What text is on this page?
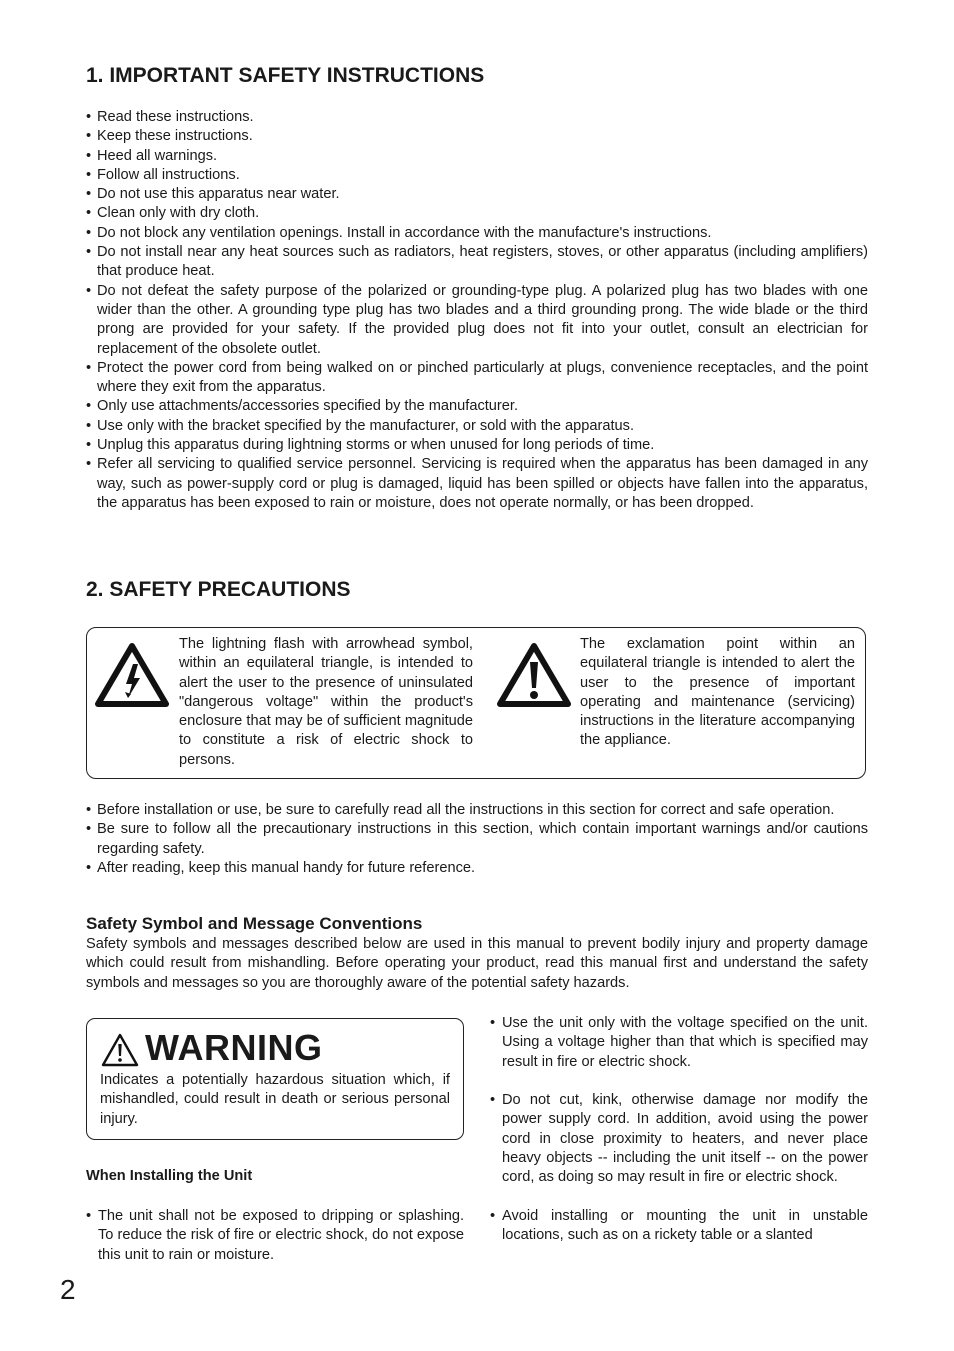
1. IMPORTANT SAFETY INSTRUCTIONS
• Read these instructions.
• Keep these instructions.
• Heed all warnings.
• Follow all instructions.
• Do not use this apparatus near water.
• Clean only with dry cloth.
• Do not block any ventilation openings. Install in accordance with the manufacture's instructions.
• Do not install near any heat sources such as radiators, heat registers, stoves, or other apparatus (including amplifiers) that produce heat.
• Do not defeat the safety purpose of the polarized or grounding-type plug. A polarized plug has two blades with one wider than the other. A grounding type plug has two blades and a third grounding prong. The wide blade or the third prong are provided for your safety. If the provided plug does not fit into your outlet, consult an electrician for replacement of the obsolete outlet.
• Protect the power cord from being walked on or pinched particularly at plugs, convenience receptacles, and the point where they exit from the apparatus.
• Only use attachments/accessories specified by the manufacturer.
• Use only with the bracket specified by the manufacturer, or sold with the apparatus.
• Unplug this apparatus during lightning storms or when unused for long periods of time.
• Refer all servicing to qualified service personnel. Servicing is required when the apparatus has been damaged in any way, such as power-supply cord or plug is damaged, liquid has been spilled or objects have fallen into the apparatus, the apparatus has been exposed to rain or moisture, does not operate normally, or has been dropped.
2. SAFETY PRECAUTIONS
The lightning flash with arrowhead symbol, within an equilateral triangle, is intended to alert the user to the presence of uninsulated "dangerous voltage" within the product's enclosure that may be of sufficient magnitude to constitute a risk of electric shock to persons.
The exclamation point within an equilateral triangle is intended to alert the user to the presence of important operating and maintenance (servicing) instructions in the literature accompanying the appliance.
• Before installation or use, be sure to carefully read all the instructions in this section for correct and safe operation.
• Be sure to follow all the precautionary instructions in this section, which contain important warnings and/or cautions regarding safety.
• After reading, keep this manual handy for future reference.
Safety Symbol and Message Conventions

Safety symbols and messages described below are used in this manual to prevent bodily injury and property damage which could result from mishandling. Before operating your product, read this manual first and understand the safety symbols and messages so you are thoroughly aware of the potential safety hazards.

WARNING
Indicates a potentially hazardous situation which, if mishandled, could result in death or serious personal injury.
When Installing the Unit
• The unit shall not be exposed to dripping or splashing. To reduce the risk of fire or electric shock, do not expose this unit to rain or moisture.
• Use the unit only with the voltage specified on the unit. Using a voltage higher than that which is specified may result in fire or electric shock.
• Do not cut, kink, otherwise damage nor modify the power supply cord. In addition, avoid using the power cord in close proximity to heaters, and never place heavy objects -- including the unit itself -- on the power cord, as doing so may result in fire or electric shock.
• Avoid installing or mounting the unit in unstable locations, such as on a rickety table or a slanted
2
